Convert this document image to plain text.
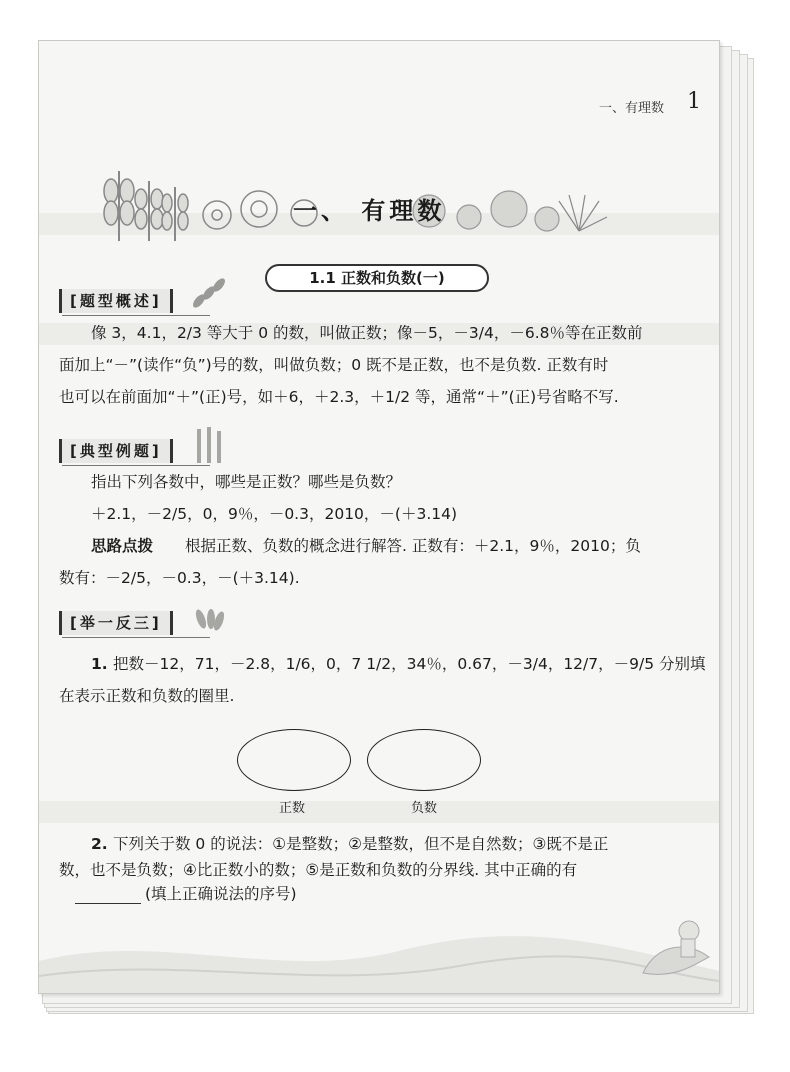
一、有理数 1
一、 有理数
1.1 正数和负数(一)
[题型概述]
像 3，4.1，2/3 等大于 0 的数，叫做正数；像－5，－3/4，－6.8％等在正数前
面加上“－”(读作“负”)号的数，叫做负数；0 既不是正数，也不是负数. 正数有时
也可以在前面加“＋”(正)号，如＋6，＋2.3，＋1/2 等，通常“＋”(正)号省略不写.
[典型例题]
指出下列各数中，哪些是正数？哪些是负数？
＋2.1，－2/5，0，9％，－0.3，2010，－(＋3.14)
思路点拨 根据正数、负数的概念进行解答. 正数有：＋2.1，9％，2010；负
数有：－2/5，－0.3，－(＋3.14).
[举一反三]
1. 把数－12，71，－2.8，1/6，0，7 1/2，34％，0.67，－3/4，12/7，－9/5 分别填
在表示正数和负数的圈里.
正数	负数
2. 下列关于数 0 的说法：①是整数；②是整数，但不是自然数；③既不是正
数，也不是负数；④比正数小的数；⑤是正数和负数的分界线. 其中正确的有
(填上正确说法的序号)
